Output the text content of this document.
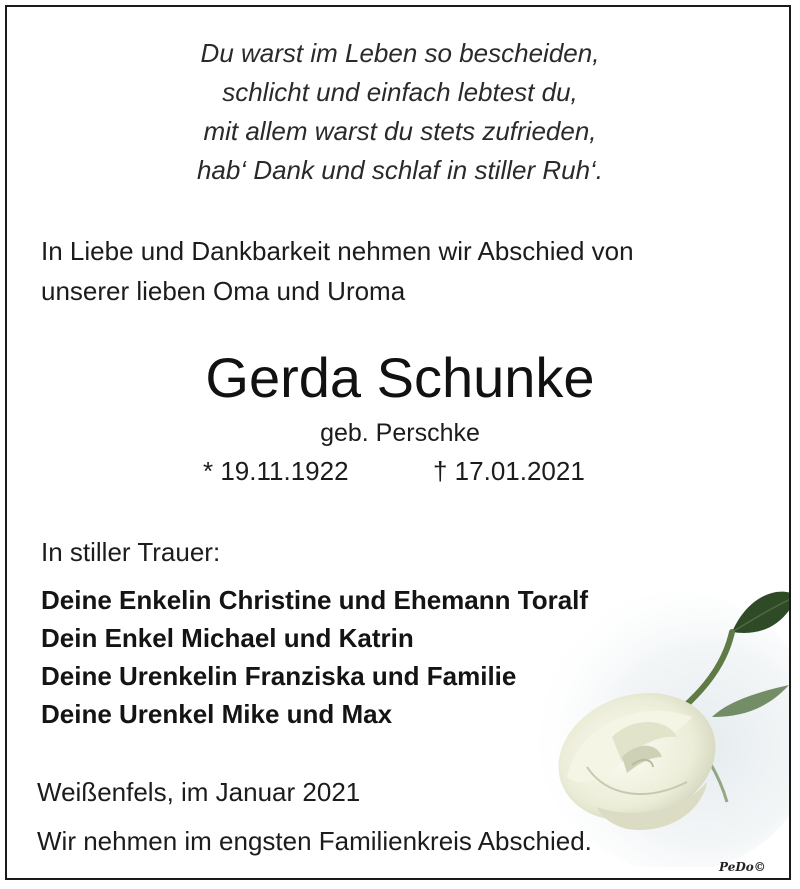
Du warst im Leben so bescheiden,
schlicht und einfach lebtest du,
mit allem warst du stets zufrieden,
hab‘ Dank und schlaf in stiller Ruh‘.
In Liebe und Dankbarkeit nehmen wir Abschied von
unserer lieben Oma und Uroma
Gerda Schunke
geb. Perschke
* 19.11.1922	† 17.01.2021
In stiller Trauer:
Deine Enkelin Christine und Ehemann Toralf
Dein Enkel Michael und Katrin
Deine Urenkelin Franziska und Familie
Deine Urenkel Mike und Max
Weißenfels, im Januar 2021
Wir nehmen im engsten Familienkreis Abschied.
PeDo©
